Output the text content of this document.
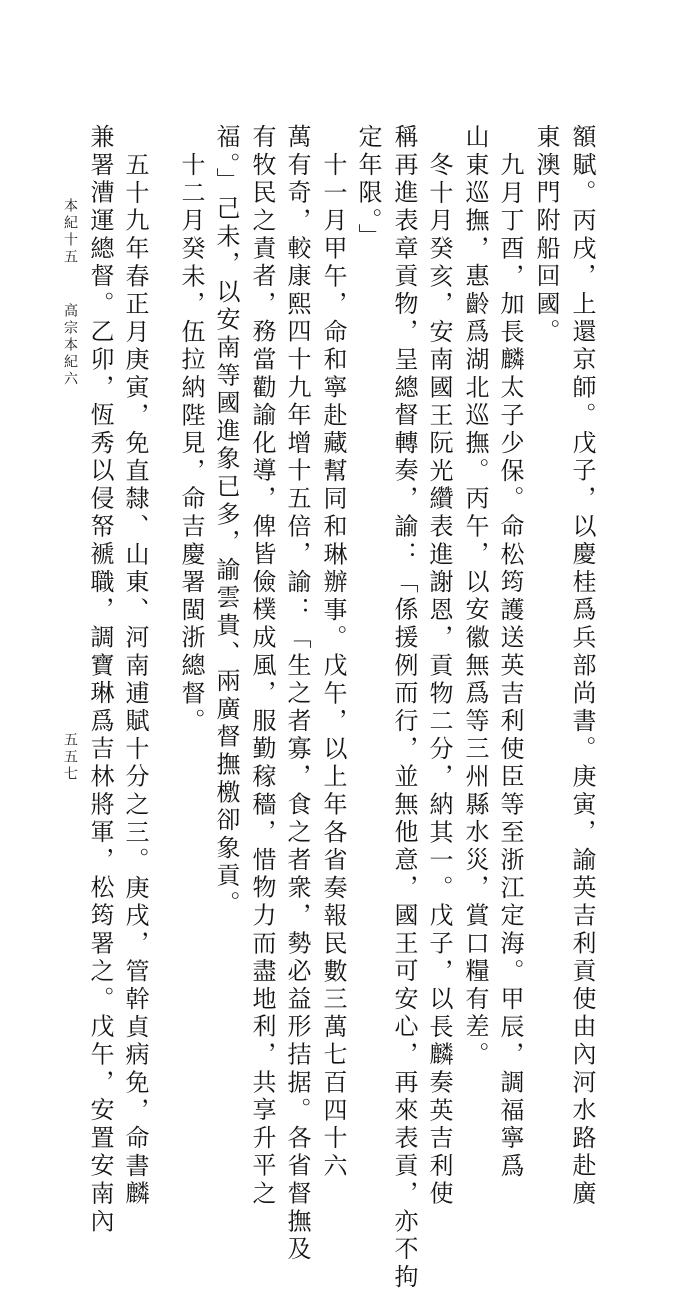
額賦。丙戌，上還京師。戊子，以慶桂爲兵部尚書。庚寅，諭英吉利貢使由內河水路赴廣
東澳門附船回國。
九月丁酉，加長麟太子少保。命松筠護送英吉利使臣等至浙江定海。甲辰，調福寧爲
山東巡撫，惠齡爲湖北巡撫。丙午，以安徽無爲等三州縣水災，賞口糧有差。
冬十月癸亥，安南國王阮光纘表進謝恩，貢物二分，納其一。戊子，以長麟奏英吉利使
稱再進表章貢物，呈總督轉奏，諭：「係援例而行，並無他意，國王可安心，再來表貢，亦不拘
定年限。」
十一月甲午，命和寧赴藏幫同和琳辦事。戊午，以上年各省奏報民數三萬七百四十六
萬有奇，較康熙四十九年增十五倍，諭：「生之者寡，食之者衆，勢必益形拮据。各省督撫及
有牧民之責者，務當勸諭化導，俾皆儉樸成風，服勤稼穡，惜物力而盡地利，共享升平之
福。」己未，以安南等國進象已多，諭雲貴、兩廣督撫檄卻象貢。
十二月癸未，伍拉納陛見，命吉慶署閩浙總督。
五十九年春正月庚寅，免直隸、山東、河南逋賦十分之三。庚戌，管幹貞病免，命書麟
兼署漕運總督。乙卯，恆秀以侵帑褫職，調寶琳爲吉林將軍，松筠署之。戊午，安置安南內
本紀十五
高宗本紀六
五五七
